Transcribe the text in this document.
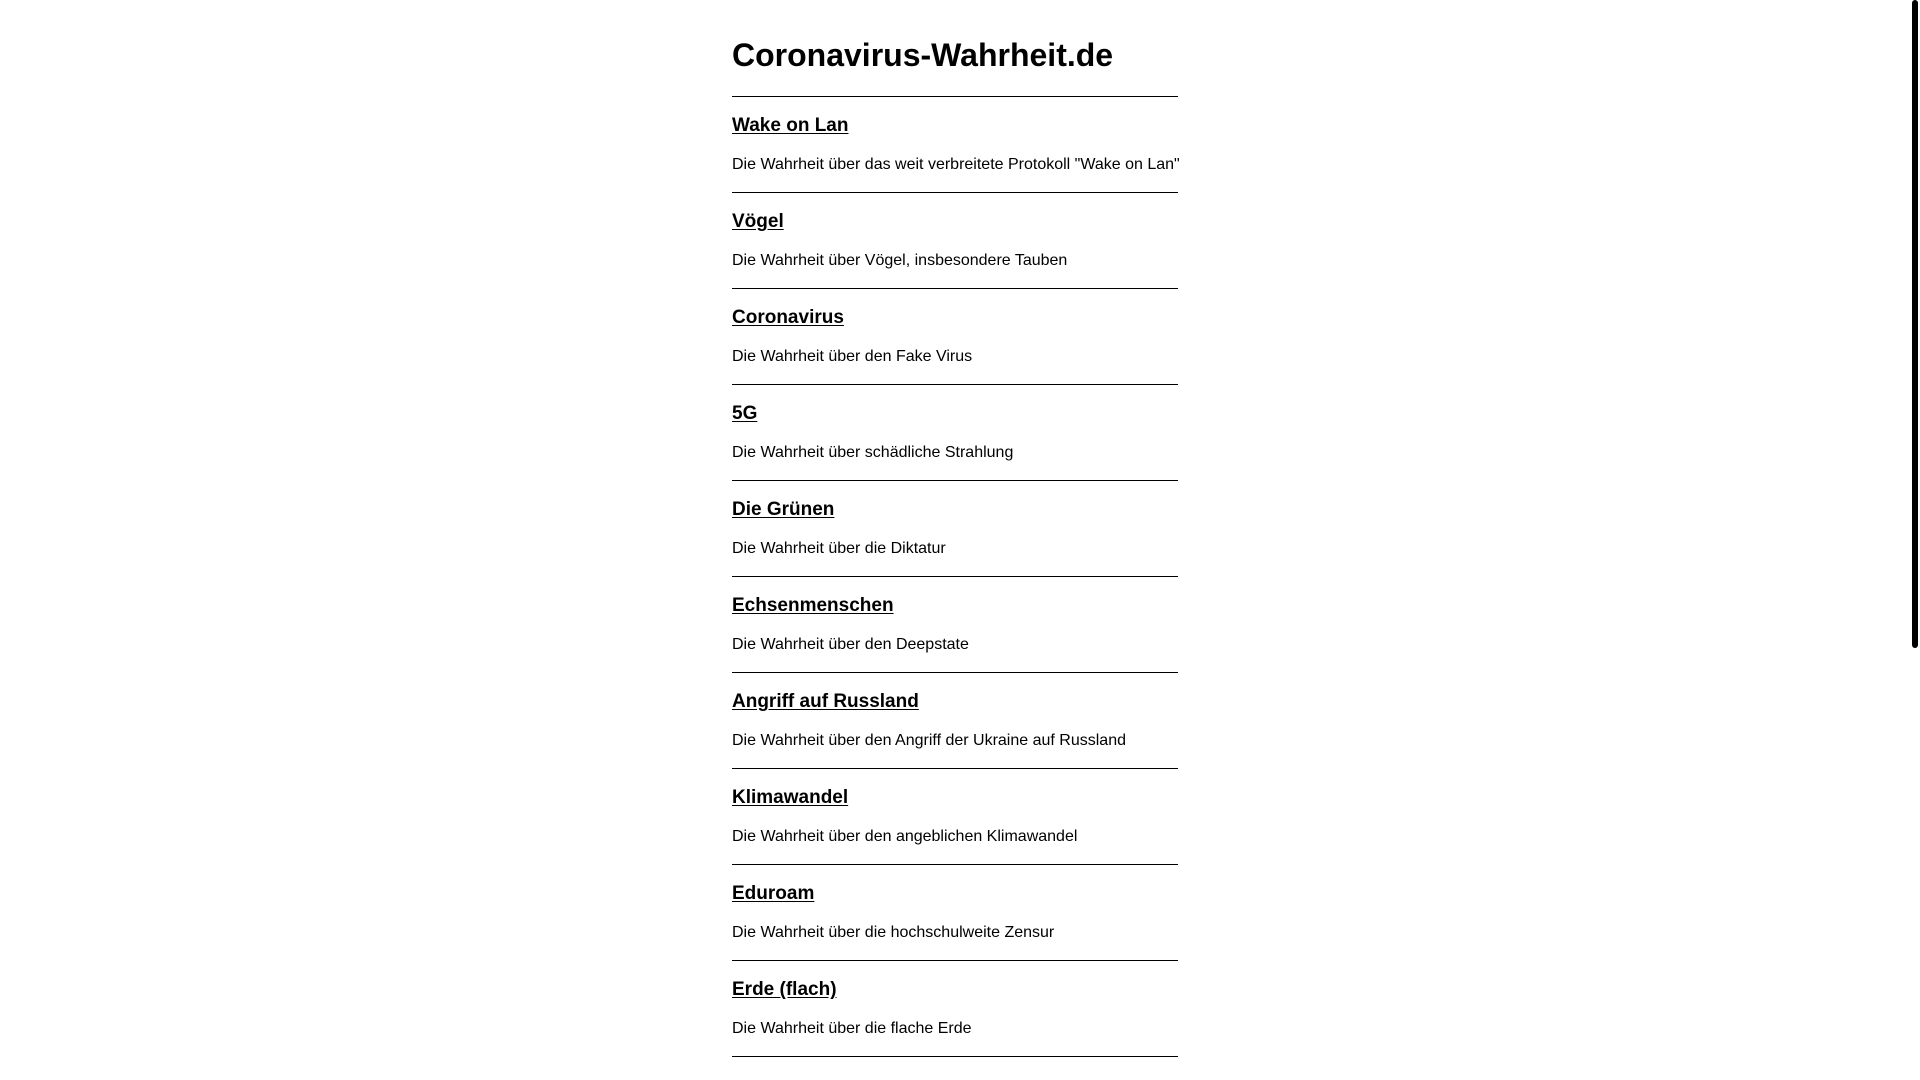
Coronavirus-Wahrheit.de
Wake on Lan

Die Wahrheit über das weit verbreitete Protokoll "Wake on Lan"

Vögel

Die Wahrheit über Vögel, insbesondere Tauben

Coronavirus

Die Wahrheit über den Fake Virus

5G

Die Wahrheit über schädliche Strahlung

Die Grünen

Die Wahrheit über die Diktatur

Echsenmenschen

Die Wahrheit über den Deepstate

Angriff auf Russland

Die Wahrheit über den Angriff der Ukraine auf Russland

Klimawandel

Die Wahrheit über den angeblichen Klimawandel

Eduroam

Die Wahrheit über die hochschulweite Zensur

Erde (flach)

Die Wahrheit über die flache Erde
